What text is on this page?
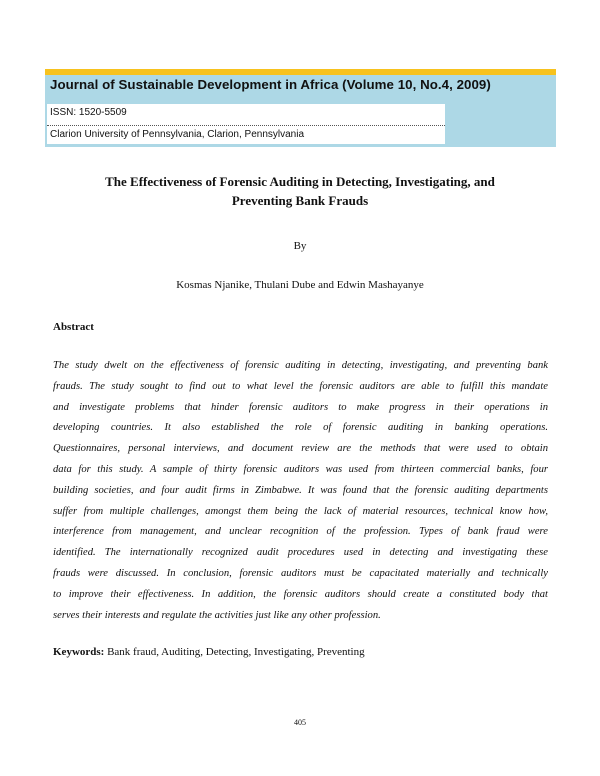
Journal of Sustainable Development in Africa (Volume 10, No.4, 2009)
ISSN: 1520-5509
Clarion University of Pennsylvania, Clarion, Pennsylvania
The Effectiveness of Forensic Auditing in Detecting, Investigating, and
Preventing Bank Frauds
By
Kosmas Njanike, Thulani Dube and Edwin Mashayanye
Abstract
The study dwelt on the effectiveness of forensic auditing in detecting, investigating, and preventing bank
frauds. The study sought to find out to what level the forensic auditors are able to fulfill this mandate
and investigate problems that hinder forensic auditors to make progress in their operations in
developing countries. It also established the role of forensic auditing in banking operations.
Questionnaires, personal interviews, and document review are the methods that were used to obtain
data for this study. A sample of thirty forensic auditors was used from thirteen commercial banks, four
building societies, and four audit firms in Zimbabwe. It was found that the forensic auditing departments
suffer from multiple challenges, amongst them being the lack of material resources, technical know how,
interference from management, and unclear recognition of the profession. Types of bank fraud were
identified. The internationally recognized audit procedures used in detecting and investigating these
frauds were discussed. In conclusion, forensic auditors must be capacitated materially and technically
to improve their effectiveness. In addition, the forensic auditors should create a constituted body that
serves their interests and regulate the activities just like any other profession.
Keywords: Bank fraud, Auditing, Detecting, Investigating, Preventing
405
